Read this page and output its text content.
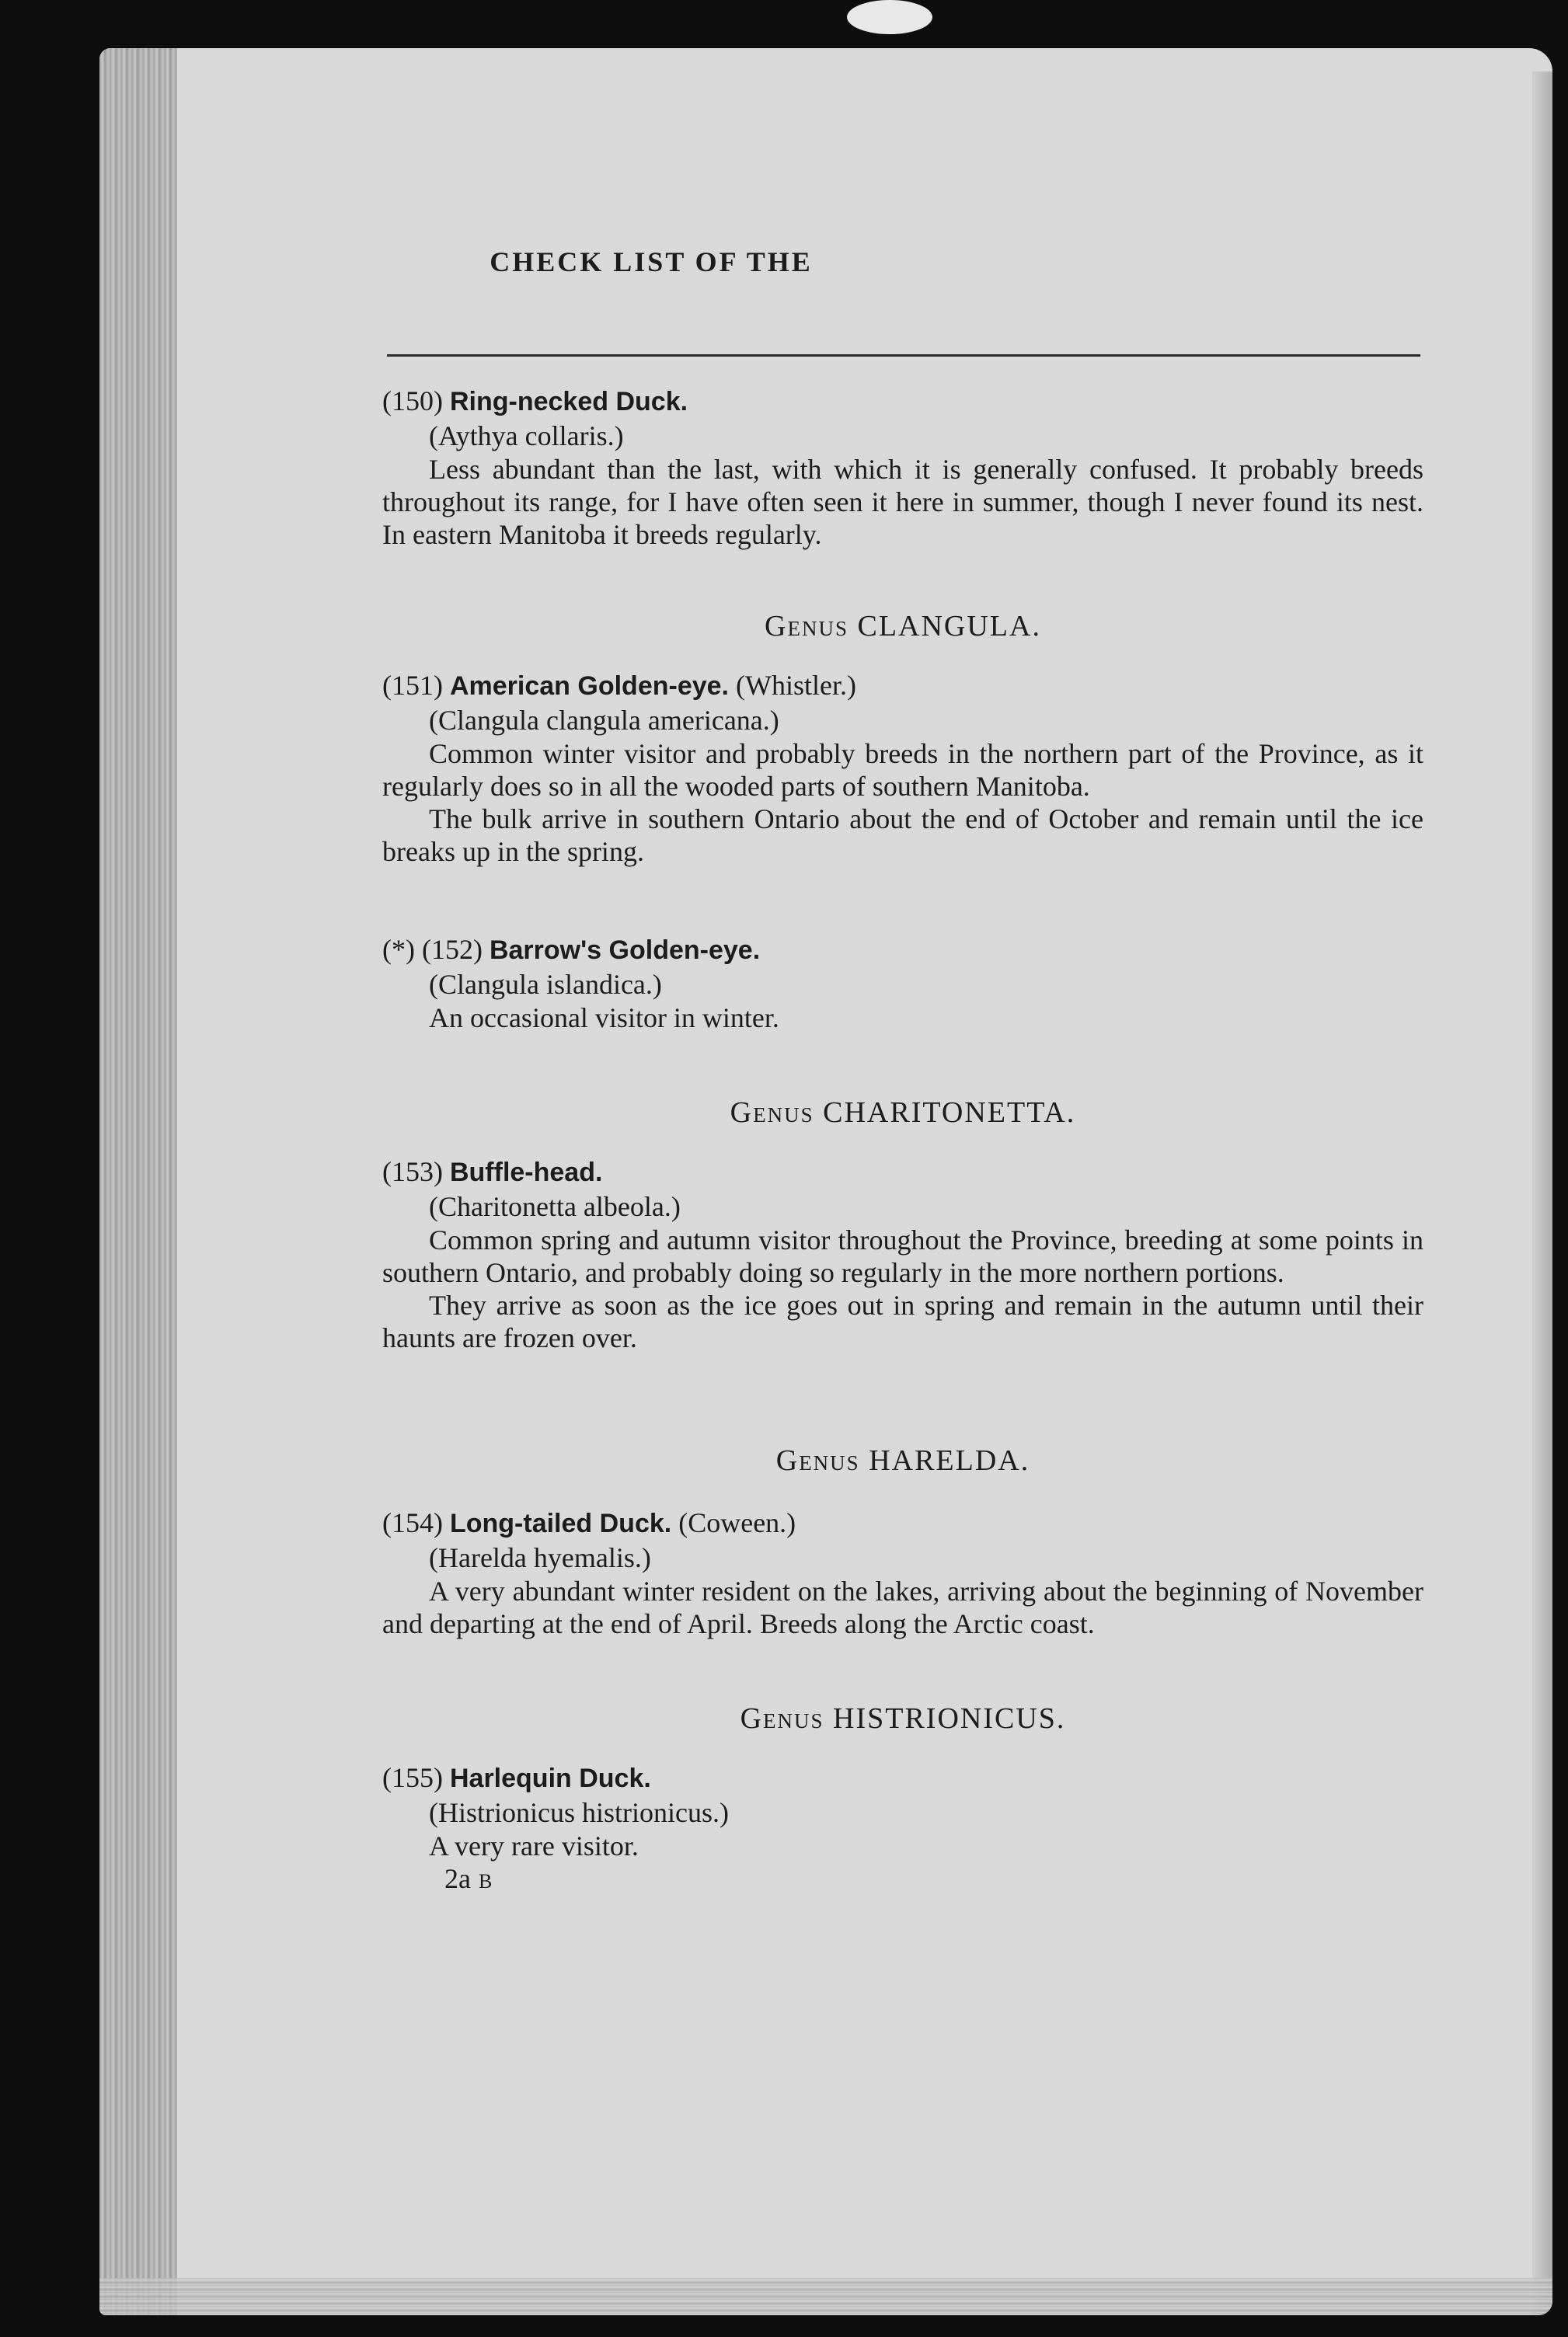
CHECK LIST OF THE
(150) Ring-necked Duck.
(Aythya collaris.)

Less abundant than the last, with which it is generally confused. It probably breeds throughout its range, for I have often seen it here in summer, though I never found its nest. In eastern Manitoba it breeds regularly.

Genus CLANGULA.
(151) American Golden-eye. (Whistler.)
(Clangula clangula americana.)

Common winter visitor and probably breeds in the northern part of the Province, as it regularly does so in all the wooded parts of southern Manitoba.

The bulk arrive in southern Ontario about the end of October and remain until the ice breaks up in the spring.

(*) (152) Barrow's Golden-eye.
(Clangula islandica.)

An occasional visitor in winter.

Genus CHARITONETTA.
(153) Buffle-head.
(Charitonetta albeola.)

Common spring and autumn visitor throughout the Province, breeding at some points in southern Ontario, and probably doing so regularly in the more northern portions.

They arrive as soon as the ice goes out in spring and remain in the autumn until their haunts are frozen over.

Genus HARELDA.
(154) Long-tailed Duck. (Coween.)
(Harelda hyemalis.)

A very abundant winter resident on the lakes, arriving about the beginning of November and departing at the end of April. Breeds along the Arctic coast.

Genus HISTRIONICUS.
(155) Harlequin Duck.
(Histrionicus histrionicus.)

A very rare visitor.

2a B
